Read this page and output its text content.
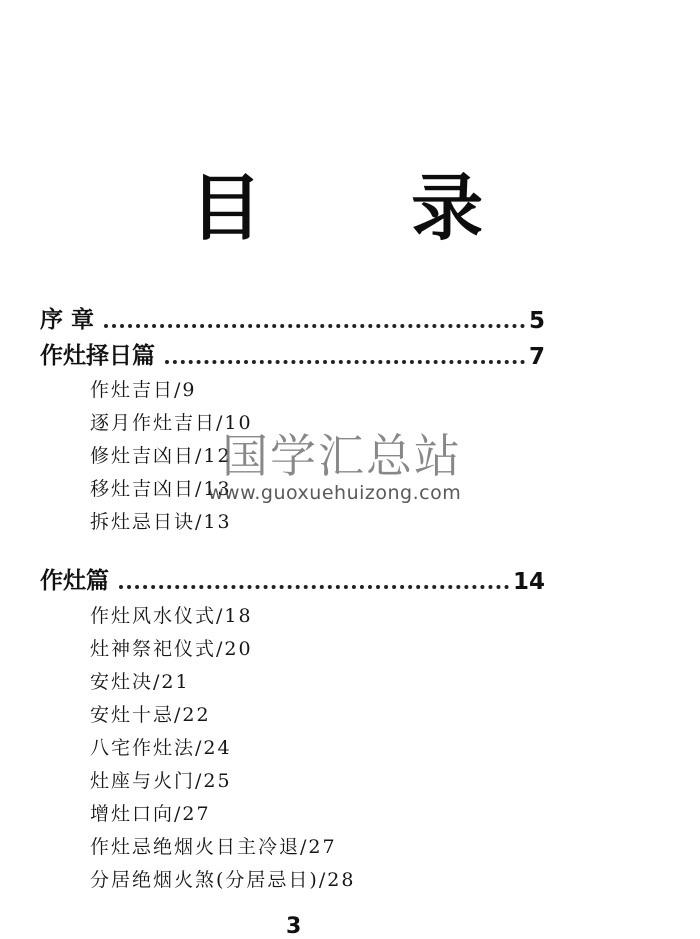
目 录
序 章	5
作灶择日篇	7
作灶吉日/9
逐月作灶吉日/10
修灶吉凶日/12
移灶吉凶日/13
拆灶忌日诀/13
作灶篇	14
作灶风水仪式/18
灶神祭祀仪式/20
安灶决/21
安灶十忌/22
八宅作灶法/24
灶座与火门/25
增灶口向/27
作灶忌绝烟火日主冷退/27
分居绝烟火煞(分居忌日)/28
国学汇总站
www.guoxuehuizong.com
3
